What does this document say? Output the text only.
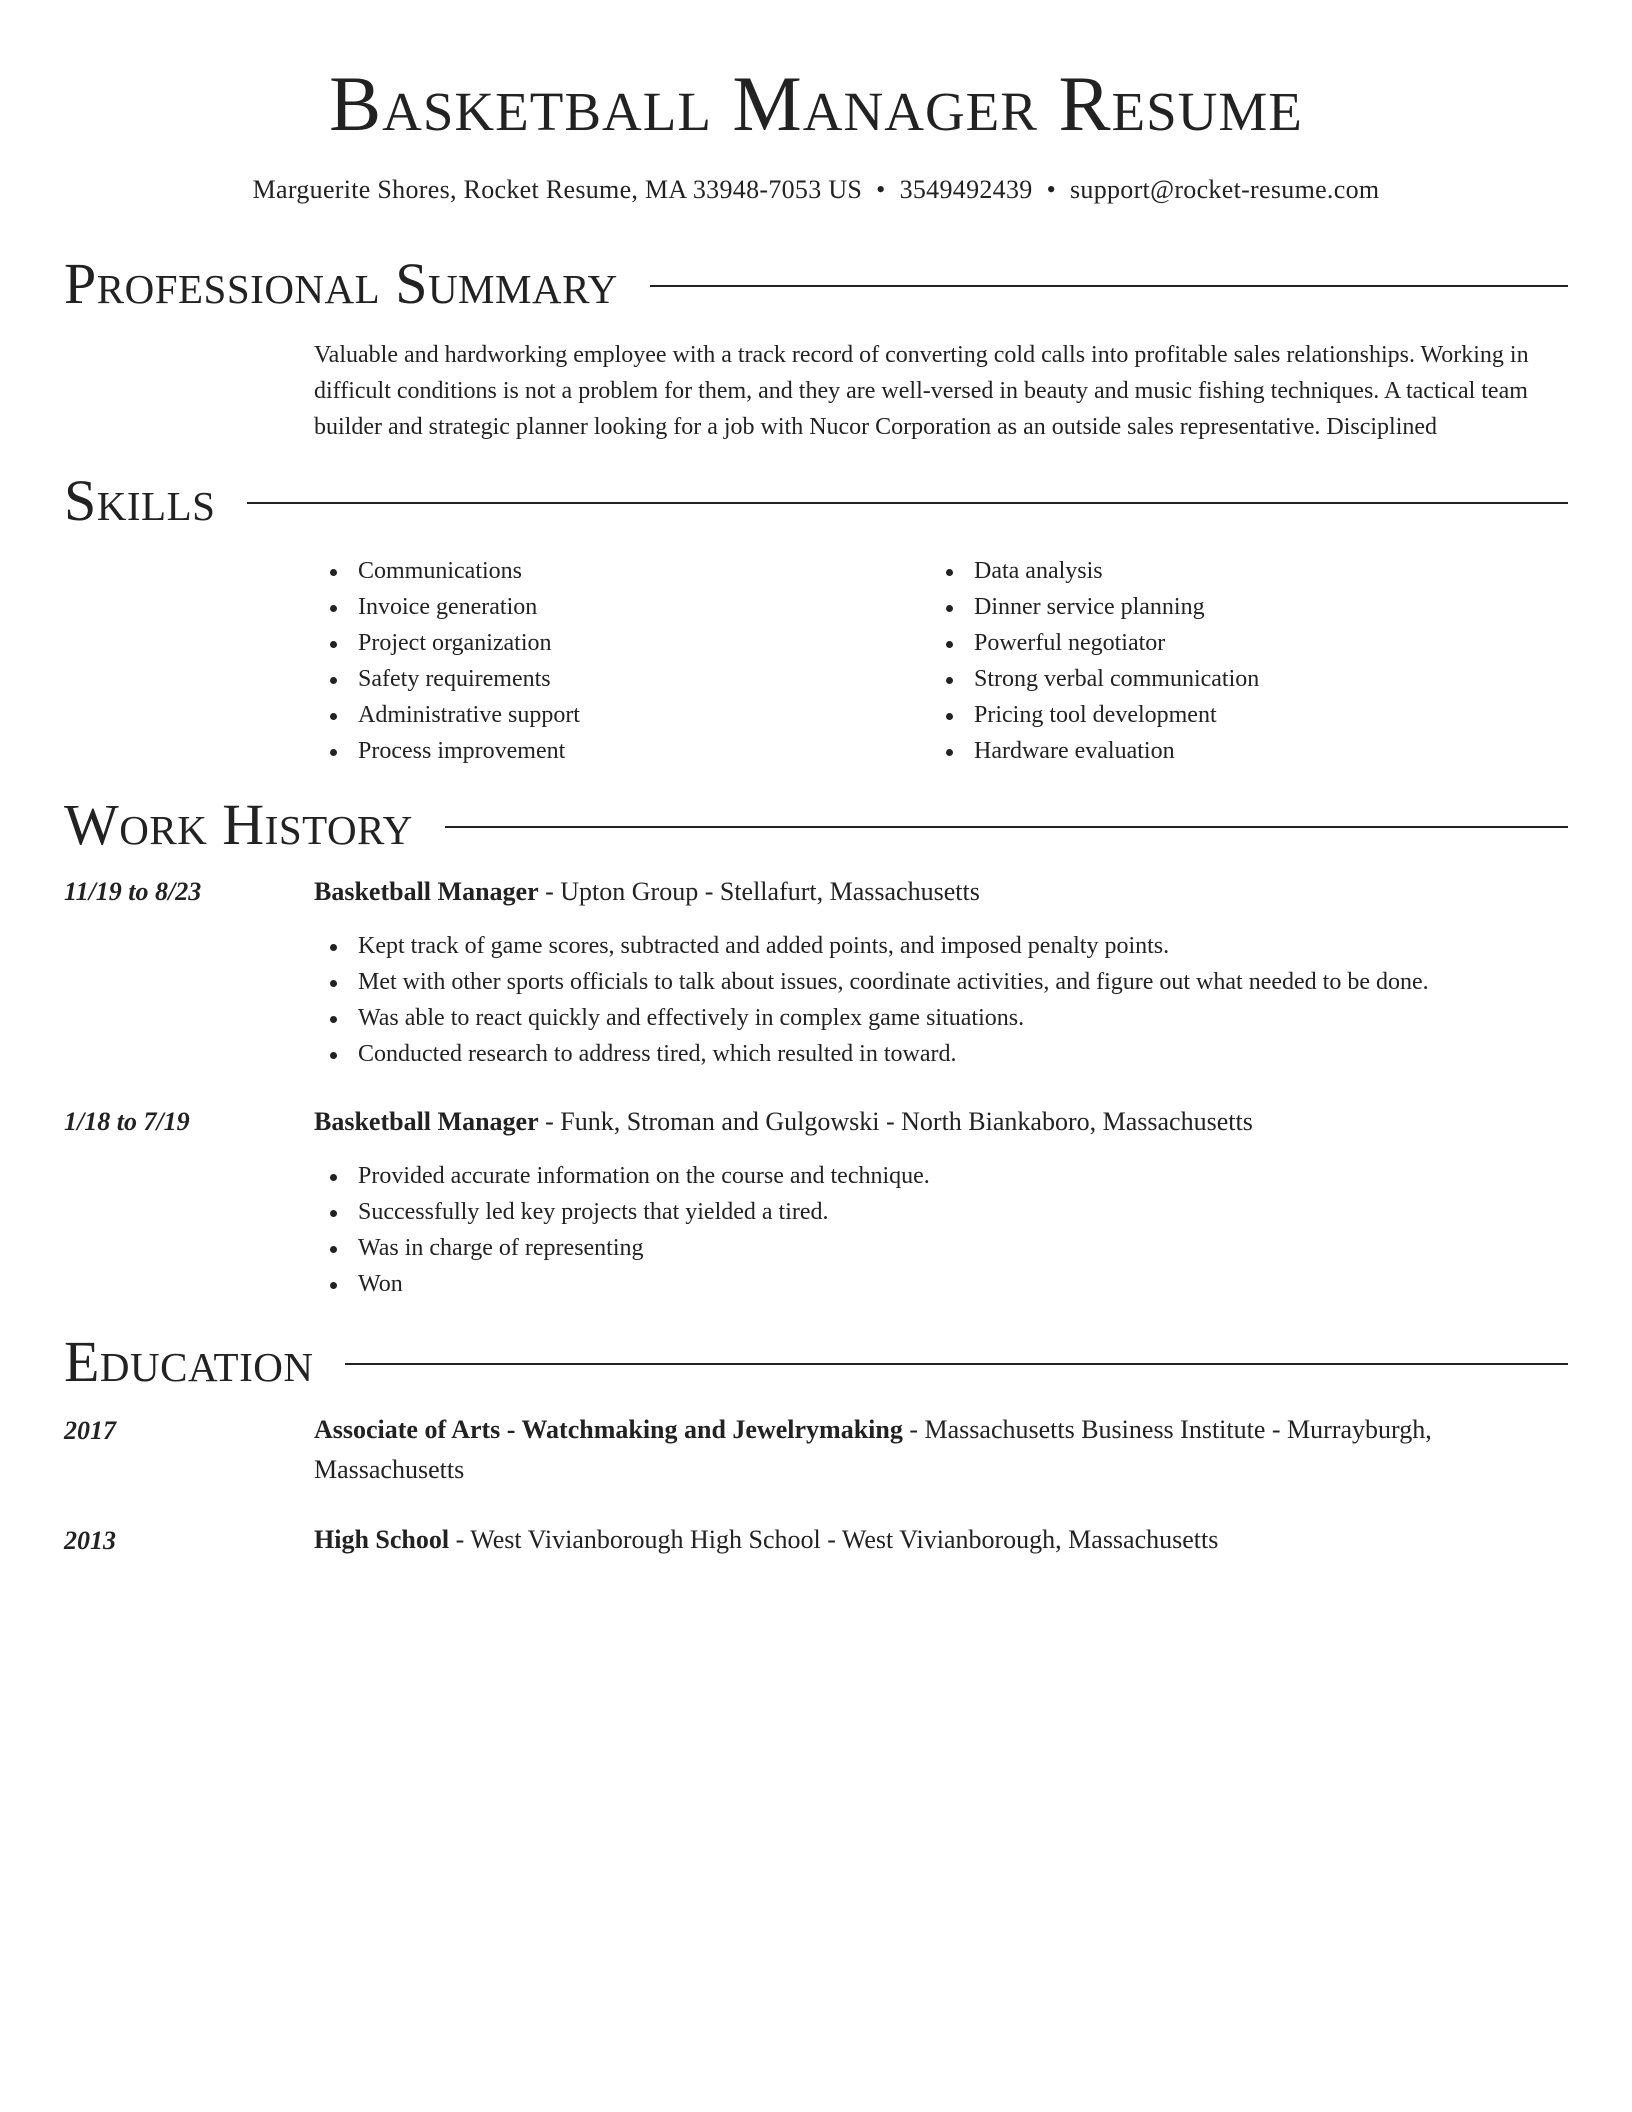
Basketball Manager Resume
Marguerite Shores, Rocket Resume, MA 33948-7053 US • 3549492439 • support@rocket-resume.com
Professional Summary

Valuable and hardworking employee with a track record of converting cold calls into profitable sales relationships. Working in difficult conditions is not a problem for them, and they are well-versed in beauty and music fishing techniques. A tactical team builder and strategic planner looking for a job with Nucor Corporation as an outside sales representative. Disciplined

Skills
Communications
Invoice generation
Project organization
Safety requirements
Administrative support
Process improvement
Data analysis
Dinner service planning
Powerful negotiator
Strong verbal communication
Pricing tool development
Hardware evaluation
Work History
11/19 to 8/23	Basketball Manager - Upton Group - Stellafurt, Massachusetts
Kept track of game scores, subtracted and added points, and imposed penalty points.
Met with other sports officials to talk about issues, coordinate activities, and figure out what needed to be done.
Was able to react quickly and effectively in complex game situations.
Conducted research to address tired, which resulted in toward.
1/18 to 7/19	Basketball Manager - Funk, Stroman and Gulgowski - North Biankaboro, Massachusetts
Provided accurate information on the course and technique.
Successfully led key projects that yielded a tired.
Was in charge of representing
Won
Education
2017	Associate of Arts - Watchmaking and Jewelrymaking - Massachusetts Business Institute - Murrayburgh, Massachusetts
2013	High School - West Vivianborough High School - West Vivianborough, Massachusetts
